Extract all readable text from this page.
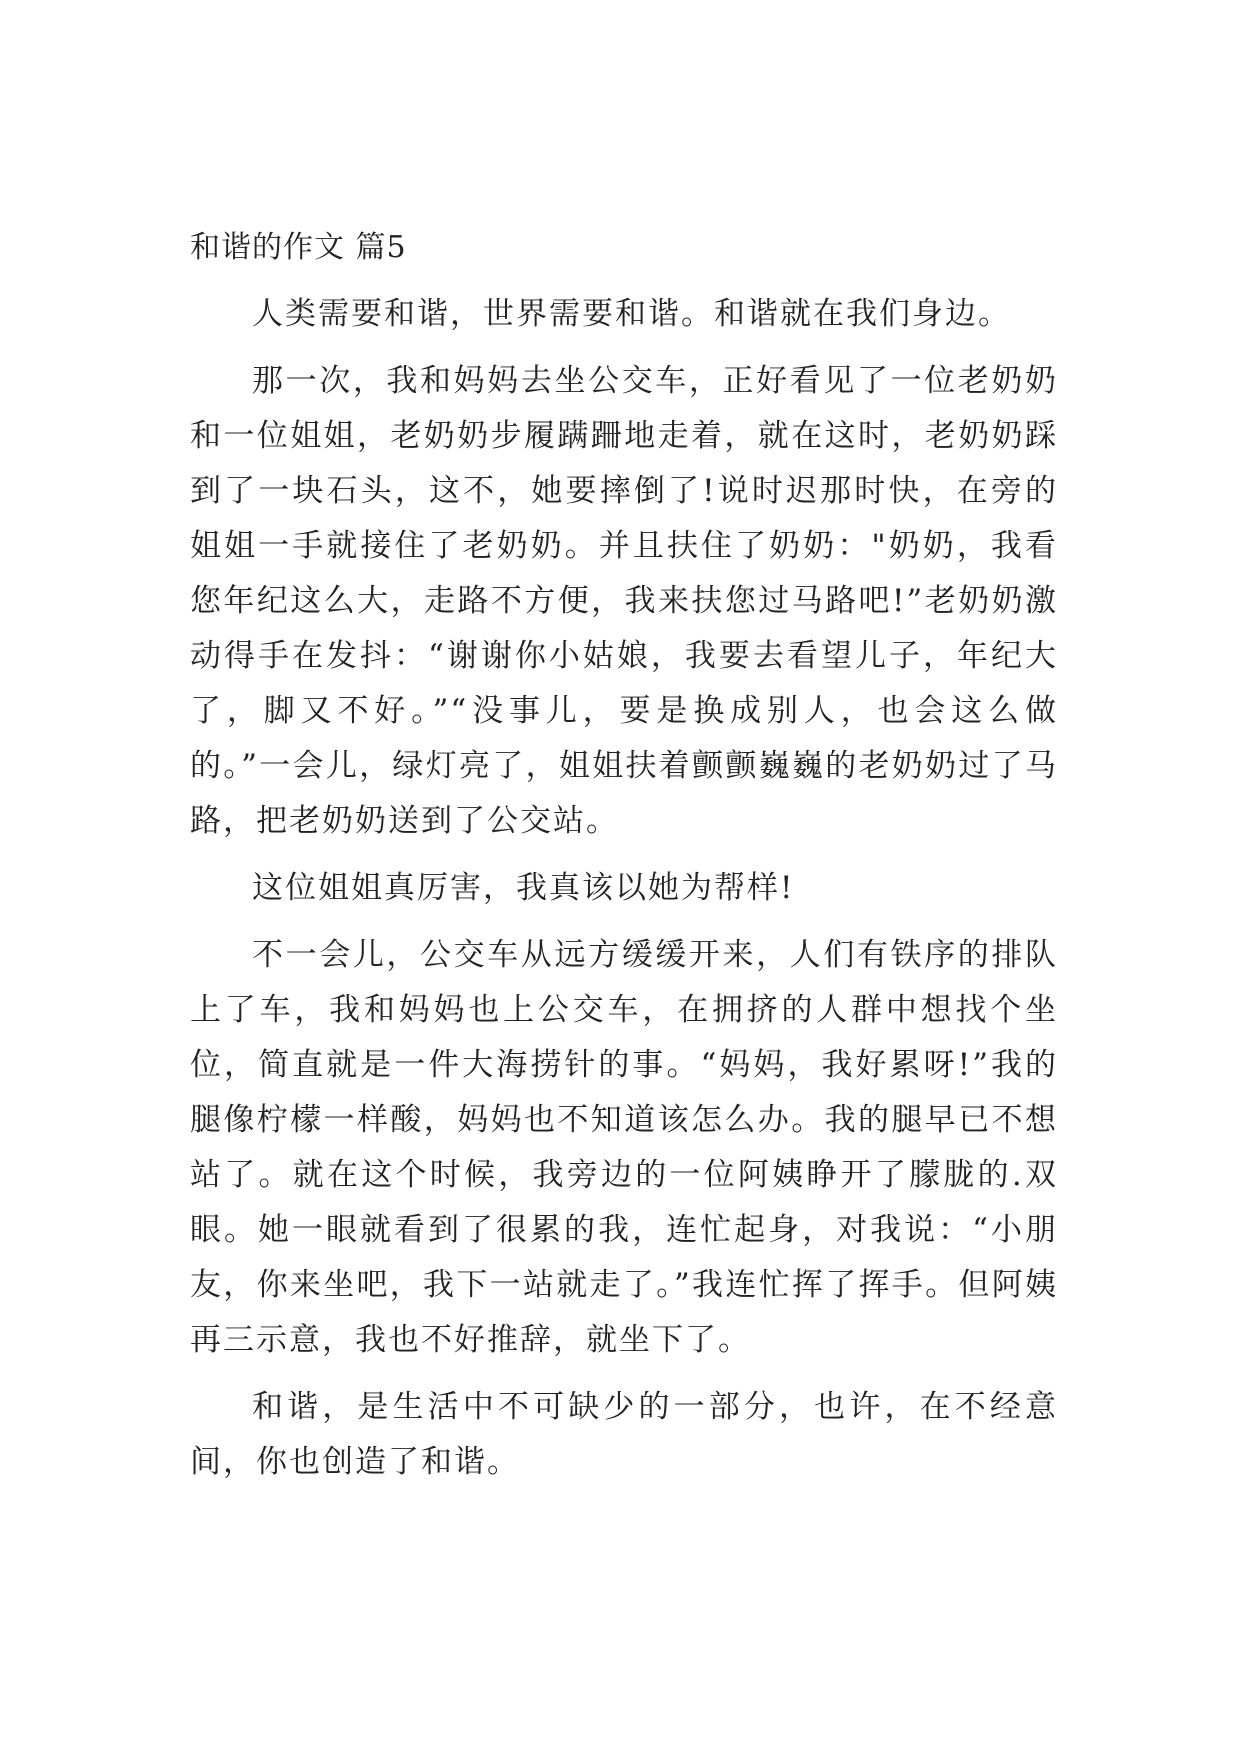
和谐的作文 篇5

人类需要和谐，世界需要和谐。和谐就在我们身边。

那一次，我和妈妈去坐公交车，正好看见了一位老奶奶和一位姐姐，老奶奶步履蹒跚地走着，就在这时，老奶奶踩到了一块石头，这不，她要摔倒了!说时迟那时快，在旁的姐姐一手就接住了老奶奶。并且扶住了奶奶："奶奶，我看您年纪这么大，走路不方便，我来扶您过马路吧!”老奶奶激动得手在发抖：“谢谢你小姑娘，我要去看望儿子，年纪大了，脚又不好。”“没事儿，要是换成别人，也会这么做的。”一会儿，绿灯亮了，姐姐扶着颤颤巍巍的老奶奶过了马路，把老奶奶送到了公交站。

这位姐姐真厉害，我真该以她为帮样!

不一会儿，公交车从远方缓缓开来，人们有铁序的排队上了车，我和妈妈也上公交车，在拥挤的人群中想找个坐位，简直就是一件大海捞针的事。“妈妈，我好累呀!”我的腿像柠檬一样酸，妈妈也不知道该怎么办。我的腿早已不想站了。就在这个时候，我旁边的一位阿姨睁开了朦胧的.双眼。她一眼就看到了很累的我，连忙起身，对我说：“小朋友，你来坐吧，我下一站就走了。”我连忙挥了挥手。但阿姨再三示意，我也不好推辞，就坐下了。

和谐，是生活中不可缺少的一部分，也许，在不经意间，你也创造了和谐。
